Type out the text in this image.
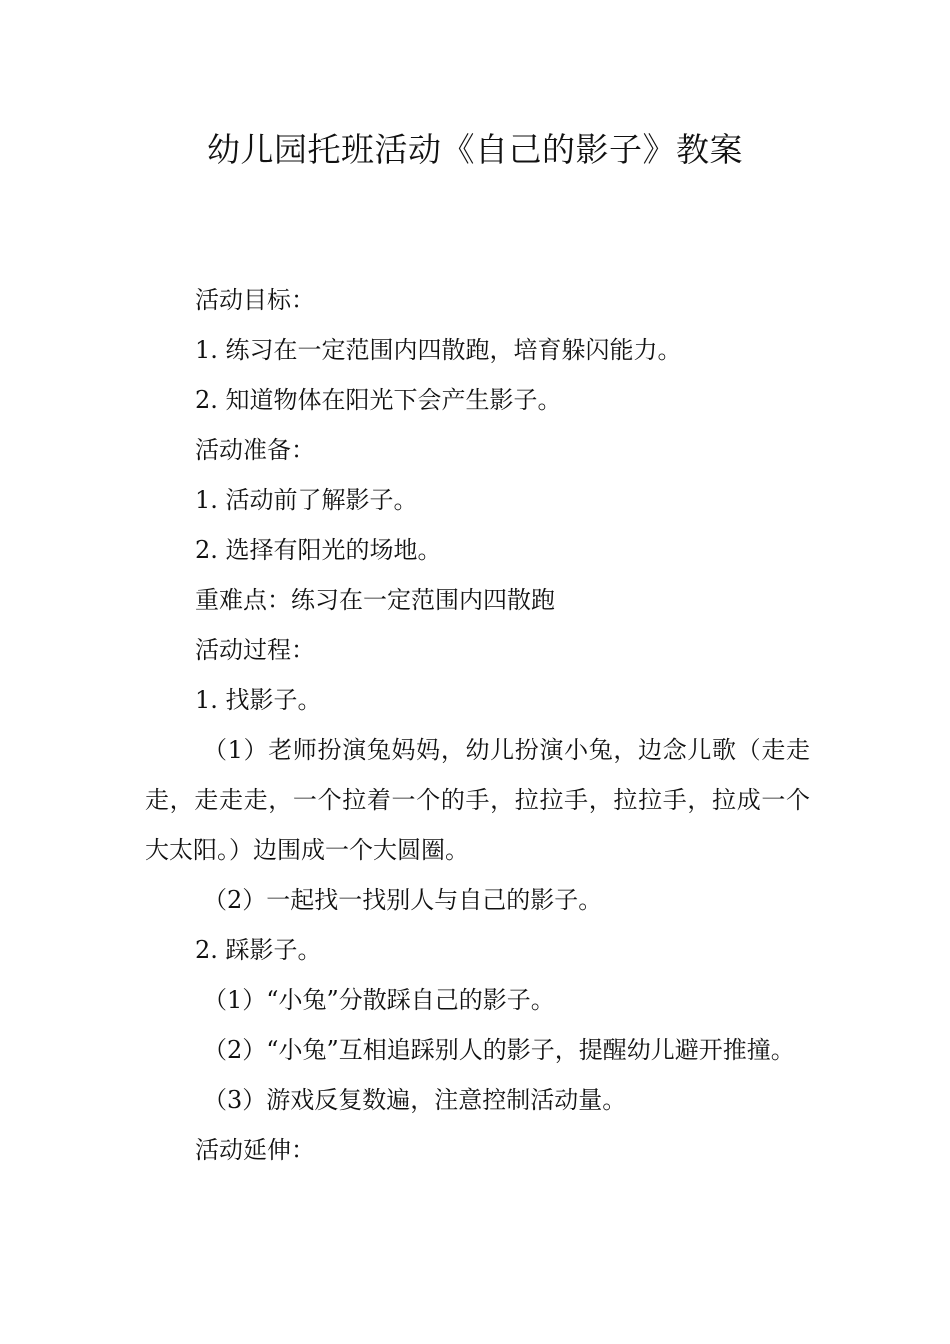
幼儿园托班活动《自己的影子》教案

活动目标：

1. 练习在一定范围内四散跑，培育躲闪能力。

2. 知道物体在阳光下会产生影子。

活动准备：

1. 活动前了解影子。

2. 选择有阳光的场地。

重难点：练习在一定范围内四散跑

活动过程：

1. 找影子。

（1）老师扮演兔妈妈，幼儿扮演小兔，边念儿歌（走走走，走走走，一个拉着一个的手，拉拉手，拉拉手，拉成一个大太阳。）边围成一个大圆圈。

（2）一起找一找别人与自己的影子。

2. 踩影子。

（1）“小兔”分散踩自己的影子。

（2）“小兔”互相追踩别人的影子，提醒幼儿避开推撞。

（3）游戏反复数遍，注意控制活动量。

活动延伸：
